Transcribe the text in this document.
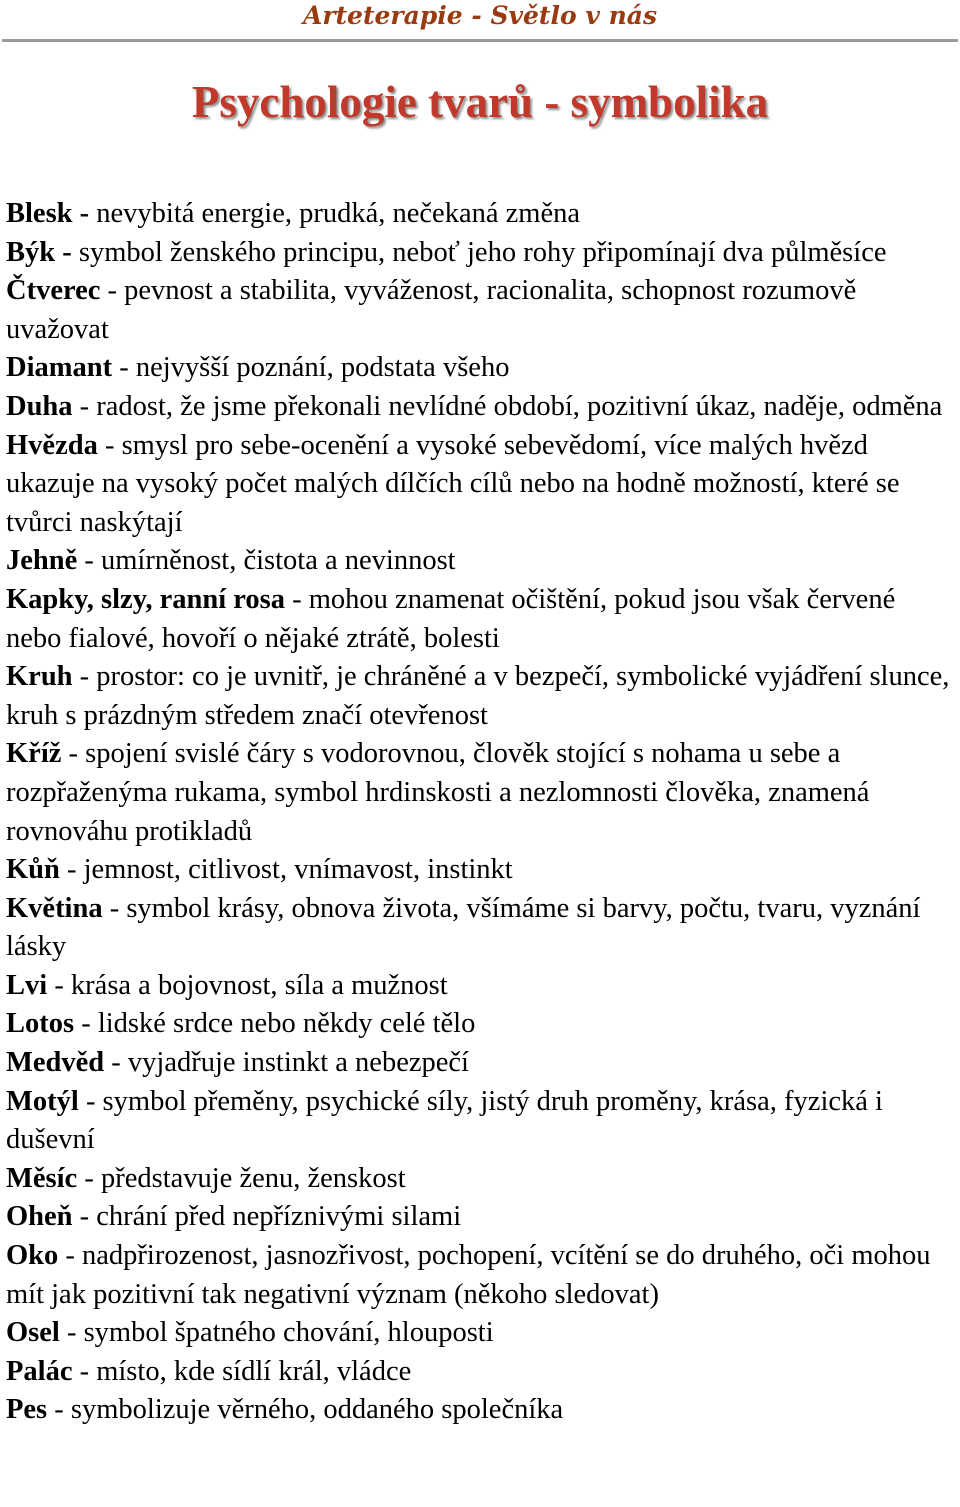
Arteterapie - Světlo v nás
Psychologie tvarů - symbolika

Blesk - nevybitá energie, prudká, nečekaná změna

Býk - symbol ženského principu, neboť jeho rohy připomínají dva půlměsíce

Čtverec - pevnost a stabilita, vyváženost, racionalita, schopnost rozumově uvažovat

Diamant - nejvyšší poznání, podstata všeho

Duha - radost, že jsme překonali nevlídné období, pozitivní úkaz, naděje, odměna

Hvězda - smysl pro sebe-ocenění a vysoké sebevědomí, více malých hvězd ukazuje na vysoký počet malých dílčích cílů nebo na hodně možností, které se tvůrci naskýtají

Jehně - umírněnost, čistota a nevinnost

Kapky, slzy, ranní rosa - mohou znamenat očištění, pokud jsou však červené nebo fialové, hovoří o nějaké ztrátě, bolesti

Kruh - prostor: co je uvnitř, je chráněné a v bezpečí, symbolické vyjádření slunce, kruh s prázdným středem značí otevřenost

Kříž - spojení svislé čáry s vodorovnou, člověk stojící s nohama u sebe a rozpřaženýma rukama, symbol hrdinskosti a nezlomnosti člověka, znamená rovnováhu protikladů

Kůň - jemnost, citlivost, vnímavost, instinkt

Květina - symbol krásy, obnova života, všímáme si barvy, počtu, tvaru, vyznání lásky

Lvi - krása a bojovnost, síla a mužnost

Lotos - lidské srdce nebo někdy celé tělo

Medvěd - vyjadřuje instinkt a nebezpečí

Motýl - symbol přeměny, psychické síly, jistý druh proměny, krása, fyzická i duševní

Měsíc - představuje ženu, ženskost

Oheň - chrání před nepříznivými silami

Oko - nadpřirozenost, jasnozřivost, pochopení, vcítění se do druhého, oči mohou mít jak pozitivní tak negativní význam (někoho sledovat)

Osel - symbol špatného chování, hlouposti

Palác - místo, kde sídlí král, vládce

Pes - symbolizuje věrného, oddaného společníka
